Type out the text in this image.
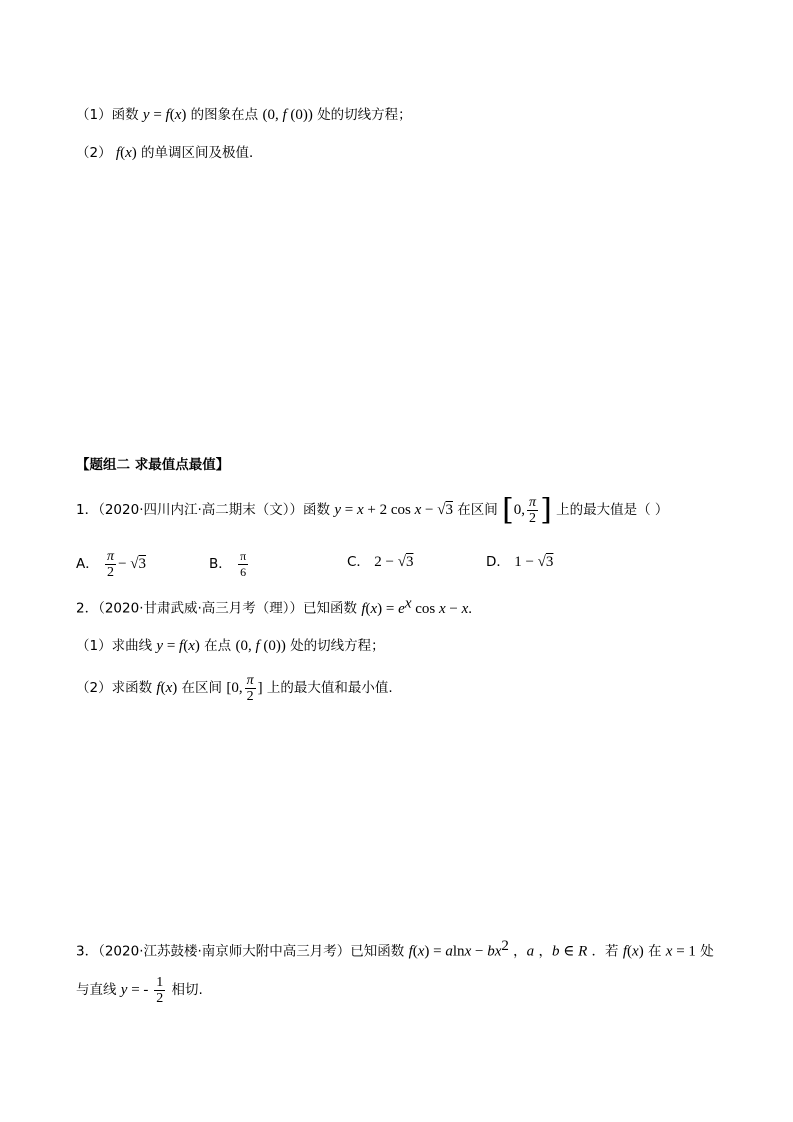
（1）函数 y = f(x) 的图象在点 (0, f (0)) 处的切线方程；
（2） f(x) 的单调区间及极值．
【题组二 求最值点最值】
1．（2020·四川内江·高二期末（文））函数 y = x + 2 cos x − √3 在区间 [0, $\frac{\pi}{2}$ ] 上的最大值是（ ）
A． $\frac{\pi}{2} - √3$	B． $\frac{\pi}{6}$	C． 2 − √3	D． 1 − √3
2．（2020·甘肃武威·高三月考（理））已知函数 $f(x) = e^x$ cos x − x.
（1）求曲线 y = f(x) 在点 (0, f (0)) 处的切线方程；
（2）求函数 f(x) 在区间 [0, $\frac{\pi}{2}$ ] 上的最大值和最小值.
3．（2020·江苏鼓楼·南京师大附中高三月考）已知函数 $f(x) = alnx - bx^2$ ，a ，b ∈ R ．若 f(x) 在 x = 1 处
与直线 y = - $\frac{1}{2}$ 相切.
